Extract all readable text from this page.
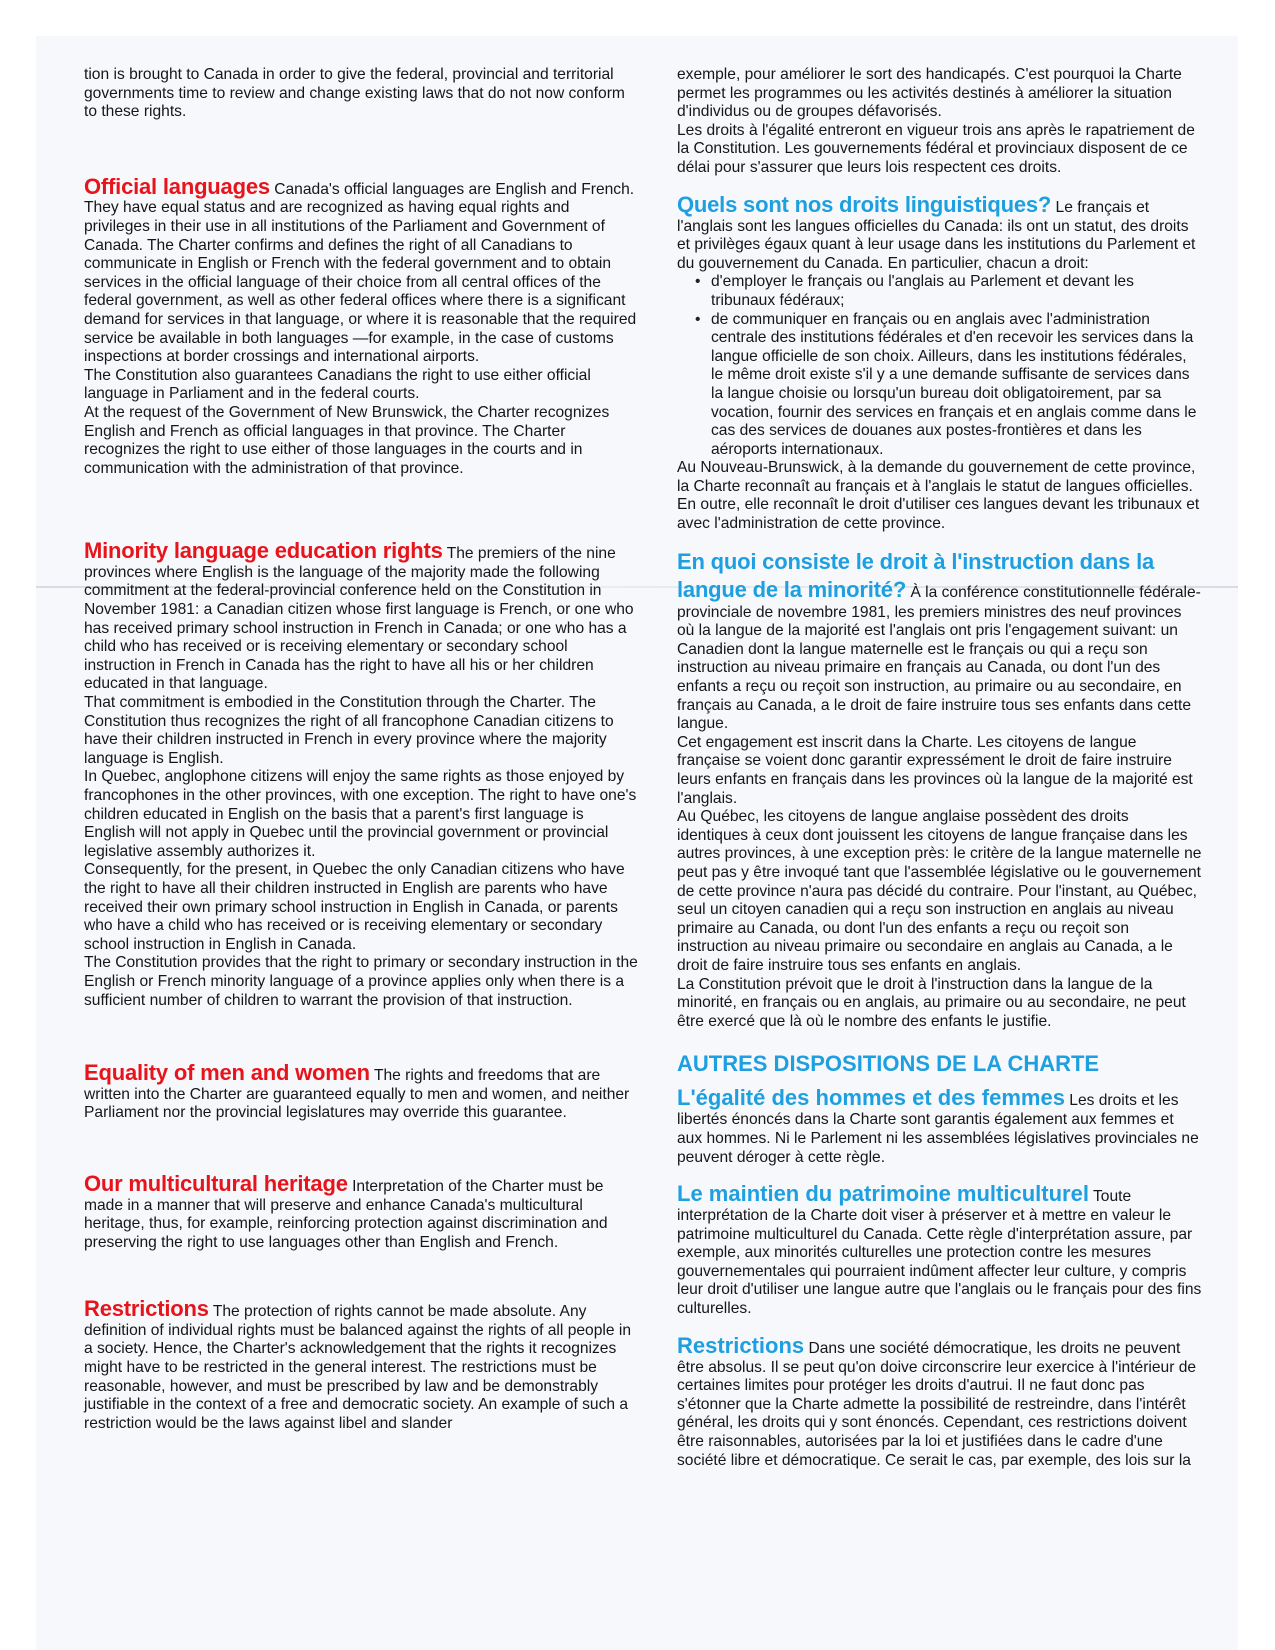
tion is brought to Canada in order to give the federal, provincial and territorial governments time to review and change existing laws that do not now conform to these rights.

Official languages Canada's official languages are English and French. They have equal status and are recognized as having equal rights and privileges in their use in all institutions of the Parliament and Government of Canada. The Charter confirms and defines the right of all Canadians to communicate in English or French with the federal government and to obtain services in the official language of their choice from all central offices of the federal government, as well as other federal offices where there is a significant demand for services in that language, or where it is reasonable that the required service be available in both languages —for example, in the case of customs inspections at border crossings and international airports.

The Constitution also guarantees Canadians the right to use either official language in Parliament and in the federal courts.

At the request of the Government of New Brunswick, the Charter recognizes English and French as official languages in that province. The Charter recognizes the right to use either of those languages in the courts and in communication with the administration of that province.

Minority language education rights The premiers of the nine provinces where English is the language of the majority made the following commitment at the federal-provincial conference held on the Constitution in November 1981: a Canadian citizen whose first language is French, or one who has received primary school instruction in French in Canada; or one who has a child who has received or is receiving elementary or secondary school instruction in French in Canada has the right to have all his or her children educated in that language.

That commitment is embodied in the Constitution through the Charter. The Constitution thus recognizes the right of all francophone Canadian citizens to have their children instructed in French in every province where the majority language is English.

In Quebec, anglophone citizens will enjoy the same rights as those enjoyed by francophones in the other provinces, with one exception. The right to have one's children educated in English on the basis that a parent's first language is English will not apply in Quebec until the provincial government or provincial legislative assembly authorizes it.

Consequently, for the present, in Quebec the only Canadian citizens who have the right to have all their children instructed in English are parents who have received their own primary school instruction in English in Canada, or parents who have a child who has received or is receiving elementary or secondary school instruction in English in Canada.

The Constitution provides that the right to primary or secondary instruction in the English or French minority language of a province applies only when there is a sufficient number of children to warrant the provision of that instruction.

Equality of men and women The rights and freedoms that are written into the Charter are guaranteed equally to men and women, and neither Parliament nor the provincial legislatures may override this guarantee.

Our multicultural heritage Interpretation of the Charter must be made in a manner that will preserve and enhance Canada's multicultural heritage, thus, for example, reinforcing protection against discrimination and preserving the right to use languages other than English and French.

Restrictions The protection of rights cannot be made absolute. Any definition of individual rights must be balanced against the rights of all people in a society. Hence, the Charter's acknowledgement that the rights it recognizes might have to be restricted in the general interest. The restrictions must be reasonable, however, and must be prescribed by law and be demonstrably justifiable in the context of a free and democratic society. An example of such a restriction would be the laws against libel and slander

exemple, pour améliorer le sort des handicapés. C'est pourquoi la Charte permet les programmes ou les activités destinés à améliorer la situation d'individus ou de groupes défavorisés.

Les droits à l'égalité entreront en vigueur trois ans après le rapatriement de la Constitution. Les gouvernements fédéral et provinciaux disposent de ce délai pour s'assurer que leurs lois respectent ces droits.

Quels sont nos droits linguistiques? Le français et l'anglais sont les langues officielles du Canada: ils ont un statut, des droits et privilèges égaux quant à leur usage dans les institutions du Parlement et du gouvernement du Canada. En particulier, chacun a droit:

• d'employer le français ou l'anglais au Parlement et devant les tribunaux fédéraux;
• de communiquer en français ou en anglais avec l'administration centrale des institutions fédérales et d'en recevoir les services dans la langue officielle de son choix. Ailleurs, dans les institutions fédérales, le même droit existe s'il y a une demande suffisante de services dans la langue choisie ou lorsqu'un bureau doit obligatoirement, par sa vocation, fournir des services en français et en anglais comme dans le cas des services de douanes aux postes-frontières et dans les aéroports internationaux.

Au Nouveau-Brunswick, à la demande du gouvernement de cette province, la Charte reconnaît au français et à l'anglais le statut de langues officielles. En outre, elle reconnaît le droit d'utiliser ces langues devant les tribunaux et avec l'administration de cette province.

En quoi consiste le droit à l'instruction dans la langue de la minorité? À la conférence constitutionnelle fédérale-provinciale de novembre 1981, les premiers ministres des neuf provinces où la langue de la majorité est l'anglais ont pris l'engagement suivant: un Canadien dont la langue maternelle est le français ou qui a reçu son instruction au niveau primaire en français au Canada, ou dont l'un des enfants a reçu ou reçoit son instruction, au primaire ou au secondaire, en français au Canada, a le droit de faire instruire tous ses enfants dans cette langue.

Cet engagement est inscrit dans la Charte. Les citoyens de langue française se voient donc garantir expressément le droit de faire instruire leurs enfants en français dans les provinces où la langue de la majorité est l'anglais.

Au Québec, les citoyens de langue anglaise possèdent des droits identiques à ceux dont jouissent les citoyens de langue française dans les autres provinces, à une exception près: le critère de la langue maternelle ne peut pas y être invoqué tant que l'assemblée législative ou le gouvernement de cette province n'aura pas décidé du contraire. Pour l'instant, au Québec, seul un citoyen canadien qui a reçu son instruction en anglais au niveau primaire au Canada, ou dont l'un des enfants a reçu ou reçoit son instruction au niveau primaire ou secondaire en anglais au Canada, a le droit de faire instruire tous ses enfants en anglais.

La Constitution prévoit que le droit à l'instruction dans la langue de la minorité, en français ou en anglais, au primaire ou au secondaire, ne peut être exercé que là où le nombre des enfants le justifie.

AUTRES DISPOSITIONS DE LA CHARTE

L'égalité des hommes et des femmes Les droits et les libertés énoncés dans la Charte sont garantis également aux femmes et aux hommes. Ni le Parlement ni les assemblées législatives provinciales ne peuvent déroger à cette règle.

Le maintien du patrimoine multiculturel Toute interprétation de la Charte doit viser à préserver et à mettre en valeur le patrimoine multiculturel du Canada. Cette règle d'interprétation assure, par exemple, aux minorités culturelles une protection contre les mesures gouvernementales qui pourraient indûment affecter leur culture, y compris leur droit d'utiliser une langue autre que l'anglais ou le français pour des fins culturelles.

Restrictions Dans une société démocratique, les droits ne peuvent être absolus. Il se peut qu'on doive circonscrire leur exercice à l'intérieur de certaines limites pour protéger les droits d'autrui. Il ne faut donc pas s'étonner que la Charte admette la possibilité de restreindre, dans l'intérêt général, les droits qui y sont énoncés. Cependant, ces restrictions doivent être raisonnables, autorisées par la loi et justifiées dans le cadre d'une société libre et démocratique. Ce serait le cas, par exemple, des lois sur la
